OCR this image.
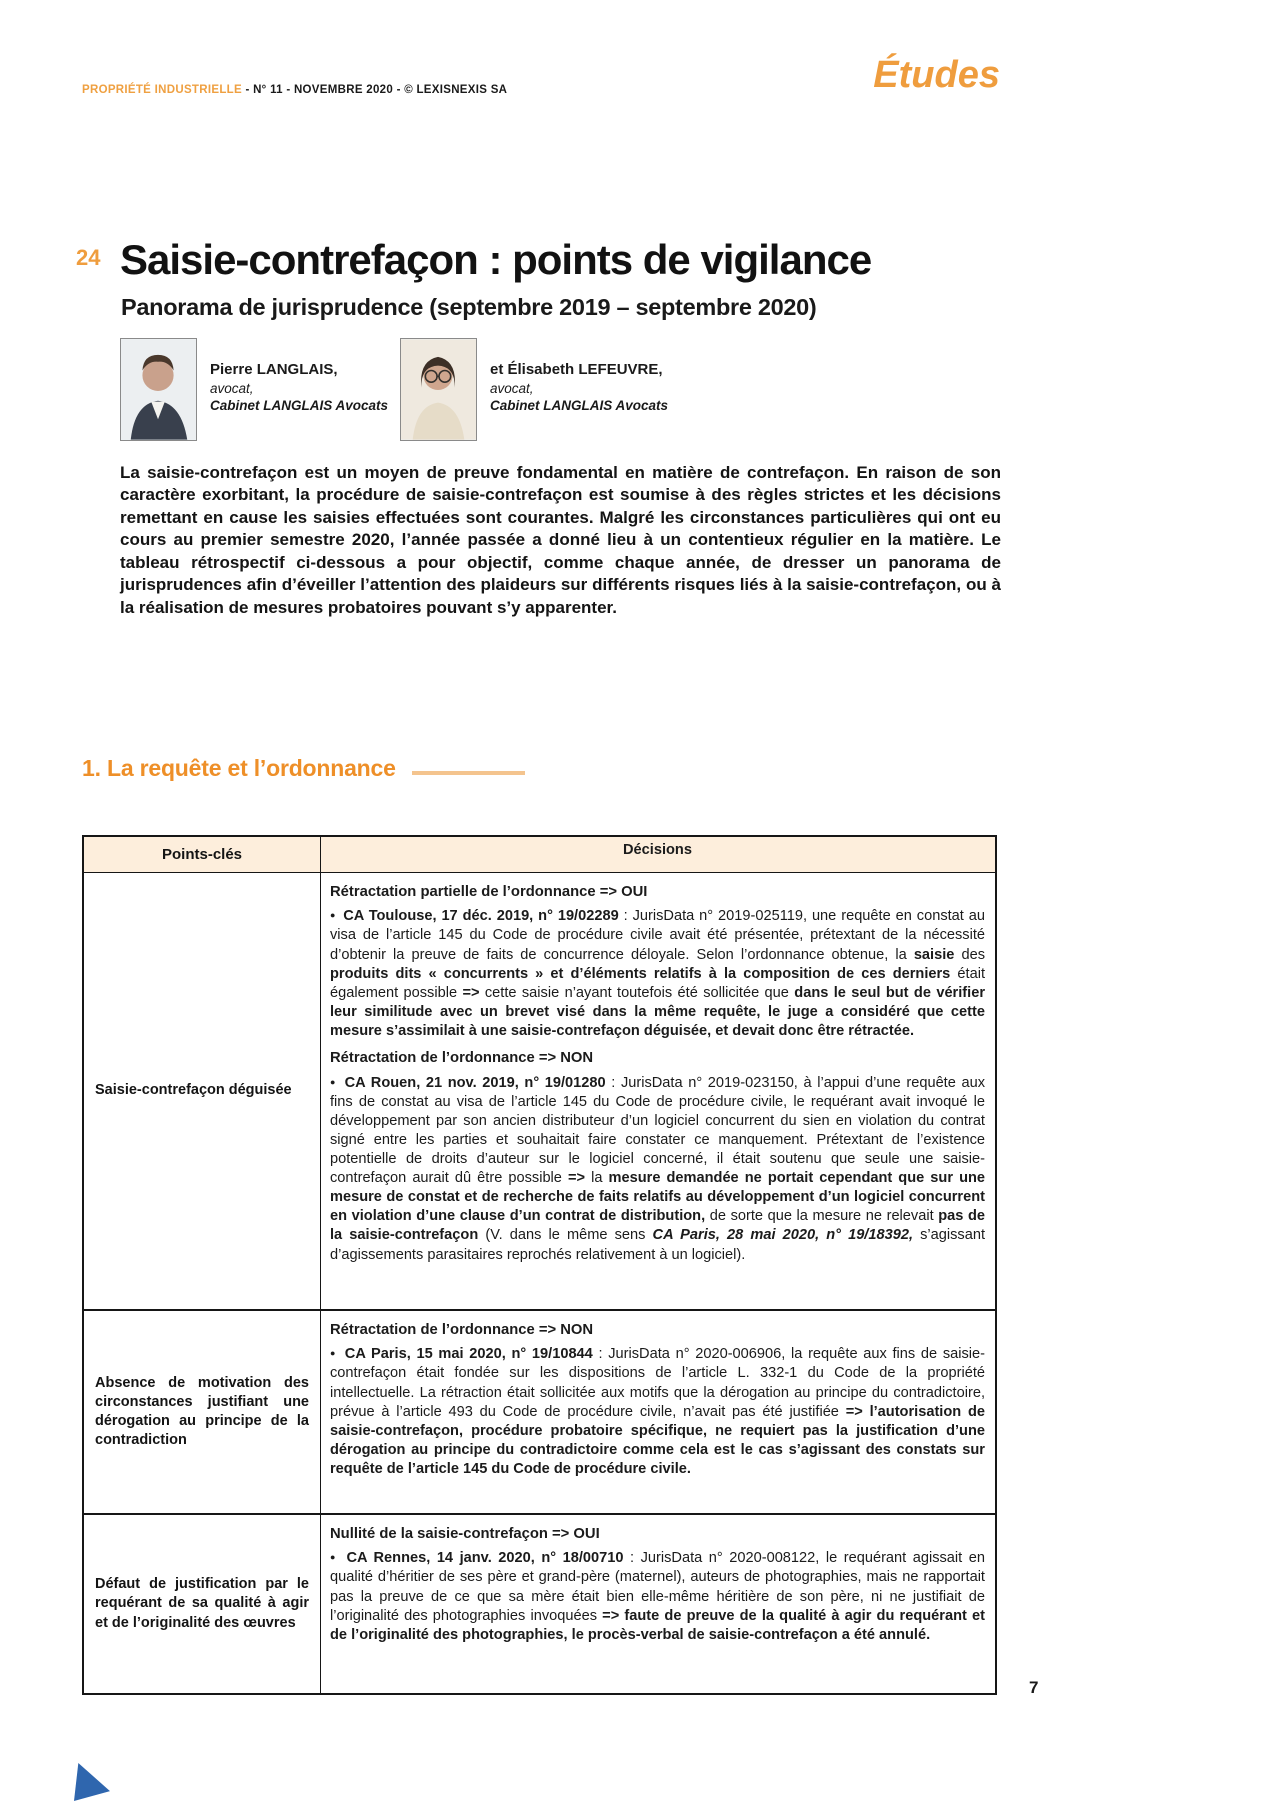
PROPRIÉTÉ INDUSTRIELLE - N° 11 - NOVEMBRE 2020 - © LEXISNEXIS SA	Études
24 Saisie-contrefaçon : points de vigilance
Panorama de jurisprudence (septembre 2019 – septembre 2020)
Pierre LANGLAIS,
avocat,
Cabinet LANGLAIS Avocats
et Élisabeth LEFEUVRE,
avocat,
Cabinet LANGLAIS Avocats

La saisie-contrefaçon est un moyen de preuve fondamental en matière de contrefaçon. En raison de son caractère exorbitant, la procédure de saisie-contrefaçon est soumise à des règles strictes et les décisions remettant en cause les saisies effectuées sont courantes. Malgré les circonstances particulières qui ont eu cours au premier semestre 2020, l’année passée a donné lieu à un contentieux régulier en la matière. Le tableau rétrospectif ci-dessous a pour objectif, comme chaque année, de dresser un panorama de jurisprudences afin d’éveiller l’attention des plaideurs sur différents risques liés à la saisie-contrefaçon, ou à la réalisation de mesures probatoires pouvant s’y apparenter.

1. La requête et l’ordonnance
Points-clés	Décisions
Saisie-contrefaçon déguisée

Rétractation partielle de l’ordonnance => OUI

● CA Toulouse, 17 déc. 2019, n° 19/02289 : JurisData n° 2019-025119, une requête en constat au visa de l’article 145 du Code de procédure civile avait été présentée, prétextant de la nécessité d’obtenir la preuve de faits de concurrence déloyale. Selon l’ordonnance obtenue, la saisie des produits dits « concurrents » et d’éléments relatifs à la composition de ces derniers était également possible => cette saisie n’ayant toutefois été sollicitée que dans le seul but de vérifier leur similitude avec un brevet visé dans la même requête, le juge a considéré que cette mesure s’assimilait à une saisie-contrefaçon déguisée, et devait donc être rétractée.

Rétractation de l’ordonnance => NON

● CA Rouen, 21 nov. 2019, n° 19/01280 : JurisData n° 2019-023150, à l’appui d’une requête aux fins de constat au visa de l’article 145 du Code de procédure civile, le requérant avait invoqué le développement par son ancien distributeur d’un logiciel concurrent du sien en violation du contrat signé entre les parties et souhaitait faire constater ce manquement. Prétextant de l’existence potentielle de droits d’auteur sur le logiciel concerné, il était soutenu que seule une saisie-contrefaçon aurait dû être possible => la mesure demandée ne portait cependant que sur une mesure de constat et de recherche de faits relatifs au développement d’un logiciel concurrent en violation d’une clause d’un contrat de distribution, de sorte que la mesure ne relevait pas de la saisie-contrefaçon (V. dans le même sens CA Paris, 28 mai 2020, n° 19/18392, s’agissant d’agissements parasitaires reprochés relativement à un logiciel).

Absence de motivation des circonstances justifiant une dérogation au principe de la contradiction

Rétractation de l’ordonnance => NON

● CA Paris, 15 mai 2020, n° 19/10844 : JurisData n° 2020-006906, la requête aux fins de saisie-contrefaçon était fondée sur les dispositions de l’article L. 332-1 du Code de la propriété intellectuelle. La rétraction était sollicitée aux motifs que la dérogation au principe du contradictoire, prévue à l’article 493 du Code de procédure civile, n’avait pas été justifiée => l’autorisation de saisie-contrefaçon, procédure probatoire spécifique, ne requiert pas la justification d’une dérogation au principe du contradictoire comme cela est le cas s’agissant des constats sur requête de l’article 145 du Code de procédure civile.

Défaut de justification par le requérant de sa qualité à agir et de l’originalité des œuvres

Nullité de la saisie-contrefaçon => OUI

● CA Rennes, 14 janv. 2020, n° 18/00710 : JurisData n° 2020-008122, le requérant agissait en qualité d’héritier de ses père et grand-père (maternel), auteurs de photographies, mais ne rapportait pas la preuve de ce que sa mère était bien elle-même héritière de son père, ni ne justifiait de l’originalité des photographies invoquées => faute de preuve de la qualité à agir du requérant et de l’originalité des photographies, le procès-verbal de saisie-contrefaçon a été annulé.

7
